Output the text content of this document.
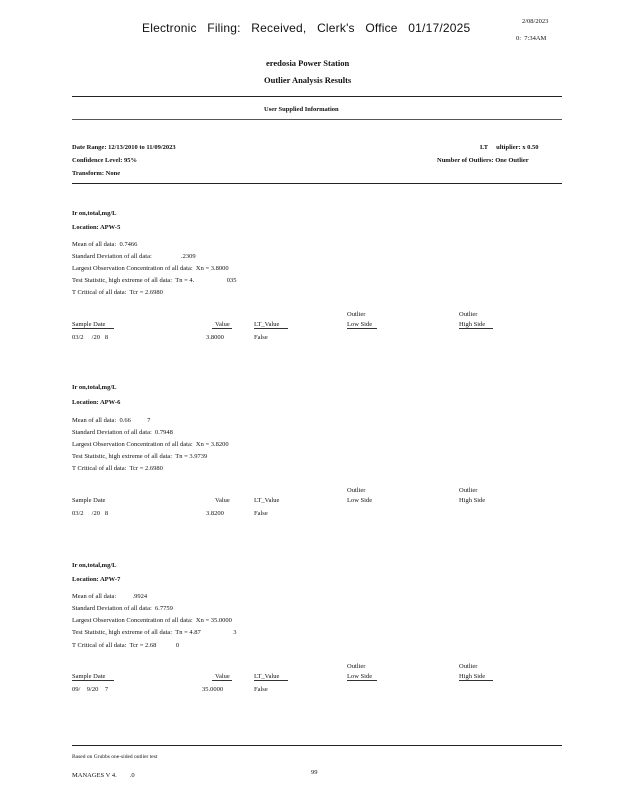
Electronic   Filing:   Received,   Clerk's   Office   01/17/2025	2/08/2023
0:  7:34AM
eredosia Power Station
Outlier Analysis Results
User Supplied Information
Date Range: 12/13/2010 to 11/09/2023
Confidence Level: 95%
Transform: None
LT     ultiplier: x 0.50
Number of Outliers: One Outlier
Ir on,total,mg/L
Location: APW-5
Mean of all data:  0.7466
Standard Deviation of all data:                  .2309
Largest Observation Concentration of all data:  Xn = 3.8000
Test Statistic, high extreme of all data:  Tn = 4.                    035
T Critical of all data:  Tcr = 2.6980
Outlier	Outlier
Sample Date	Value	LT_Value	Low Side	High Side
03/2     /20   8	3.8000	False
Ir on,total,mg/L
Location: APW-6
Mean of all data:  0.66          7
Standard Deviation of all data:  0.7948
Largest Observation Concentration of all data:  Xn = 3.8200
Test Statistic, high extreme of all data:  Tn = 3.9739
T Critical of all data:  Tcr = 2.6980
Outlier	Outlier
Sample Date	Value	LT_Value	Low Side	High Side
03/2     /20   8	3.8200	False
Ir on,total,mg/L
Location: APW-7
Mean of all data:          .9924
Standard Deviation of all data:  6.7759
Largest Observation Concentration of all data:  Xn = 35.0000
Test Statistic, high extreme of all data:  Tn = 4.87                    3
T Critical of all data:  Tcr = 2.68            0
Outlier	Outlier
Sample Date	Value	LT_Value	Low Side	High Side
09/    9/20    7	35.0000	False
Based on Grubbs one-sided outlier test
MANAGES V 4.        .0	99
